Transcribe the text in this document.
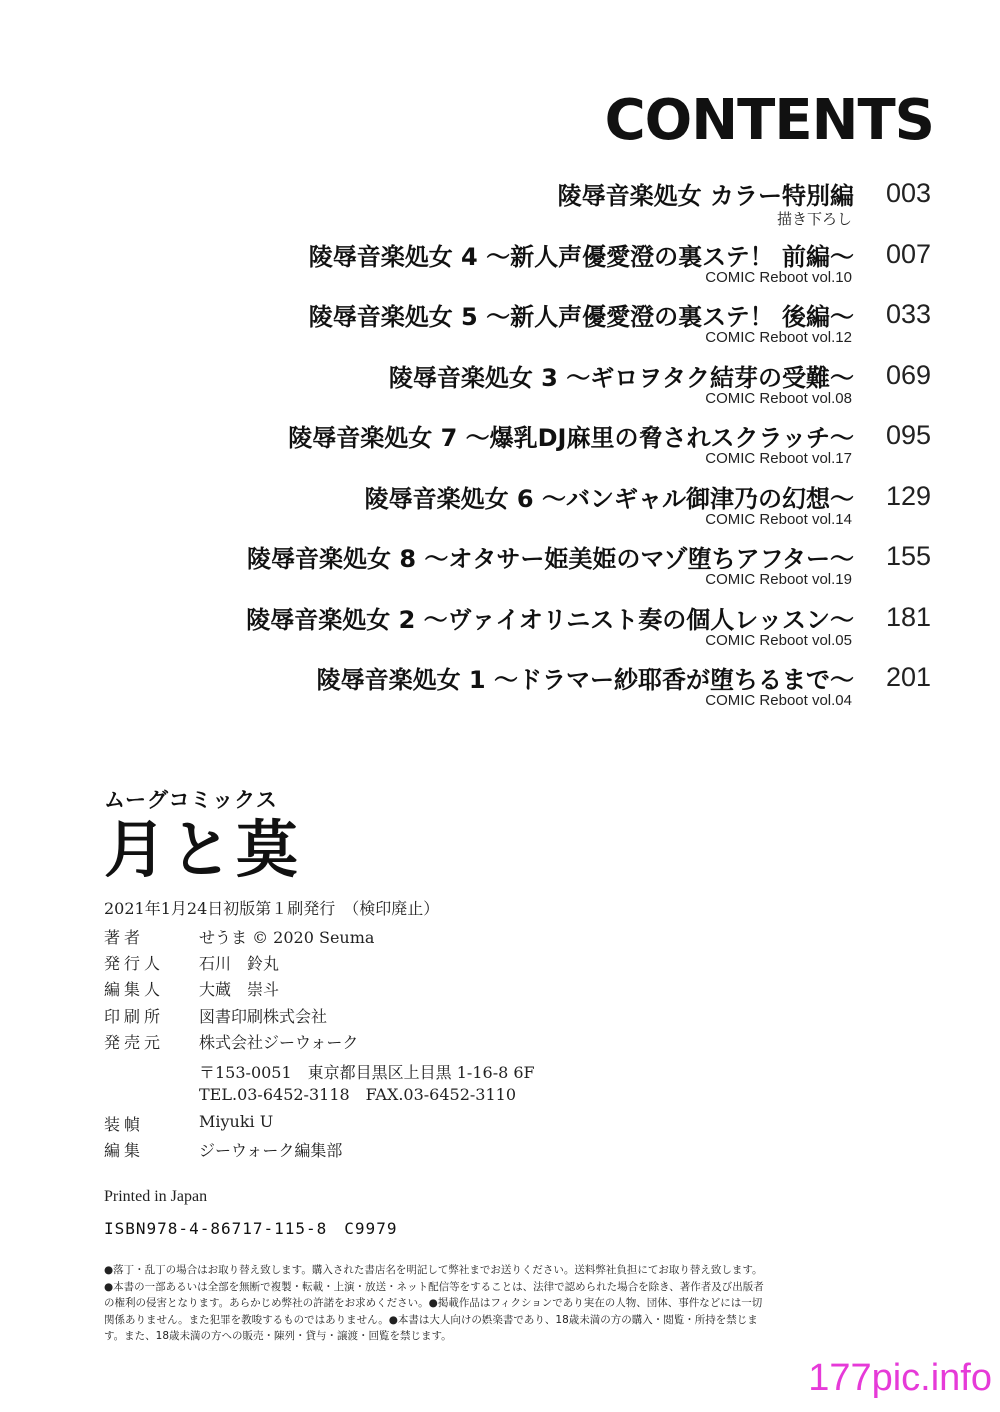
CONTENTS
陵辱音楽処女 カラー特別編
描き下ろし
003
陵辱音楽処女 4 ～新人声優愛澄の裏ステ！ 前編～
COMIC Reboot vol.10
007
陵辱音楽処女 5 ～新人声優愛澄の裏ステ！ 後編～
COMIC Reboot vol.12
033
陵辱音楽処女 3 ～ギロヲタク結芽の受難～
COMIC Reboot vol.08
069
陵辱音楽処女 7 ～爆乳DJ麻里の脅されスクラッチ～
COMIC Reboot vol.17
095
陵辱音楽処女 6 ～バンギャル御津乃の幻想～
COMIC Reboot vol.14
129
陵辱音楽処女 8 ～オタサー姫美姫のマゾ堕ちアフター～
COMIC Reboot vol.19
155
陵辱音楽処女 2 ～ヴァイオリニスト奏の個人レッスン～
COMIC Reboot vol.05
181
陵辱音楽処女 1 ～ドラマー紗耶香が堕ちるまで～
COMIC Reboot vol.04
201
ムーグコミックス
月と莫
2021年1月24日初版第１刷発行　（検印廃止）
著者	せうま © 2020 Seuma
発行人	石川　鈴丸
編集人	大蔵　崇斗
印刷所	図書印刷株式会社
発売元	株式会社ジーウォーク
〒153-0051　東京都目黒区上目黒 1-16-8 6F
TEL.03-6452-3118　FAX.03-6452-3110
装幀	Miyuki U
編集	ジーウォーク編集部
Printed in Japan
ISBN978-4-86717-115-8　C9979
●落丁・乱丁の場合はお取り替え致します。購入された書店名を明記して弊社までお送りください。送料弊社負担にてお取り替え致します。●本書の一部あるいは全部を無断で複製・転載・上演・放送・ネット配信等をすることは、法律で認められた場合を除き、著作者及び出版者の権利の侵害となります。あらかじめ弊社の許諾をお求めください。●掲載作品はフィクションであり実在の人物、団体、事件などには一切関係ありません。また犯罪を教唆するものではありません。●本書は大人向けの娯楽書であり、18歳未満の方の購入・閲覧・所持を禁じます。また、18歳未満の方への販売・陳列・貸与・譲渡・回覧を禁じます。
177pic.info
